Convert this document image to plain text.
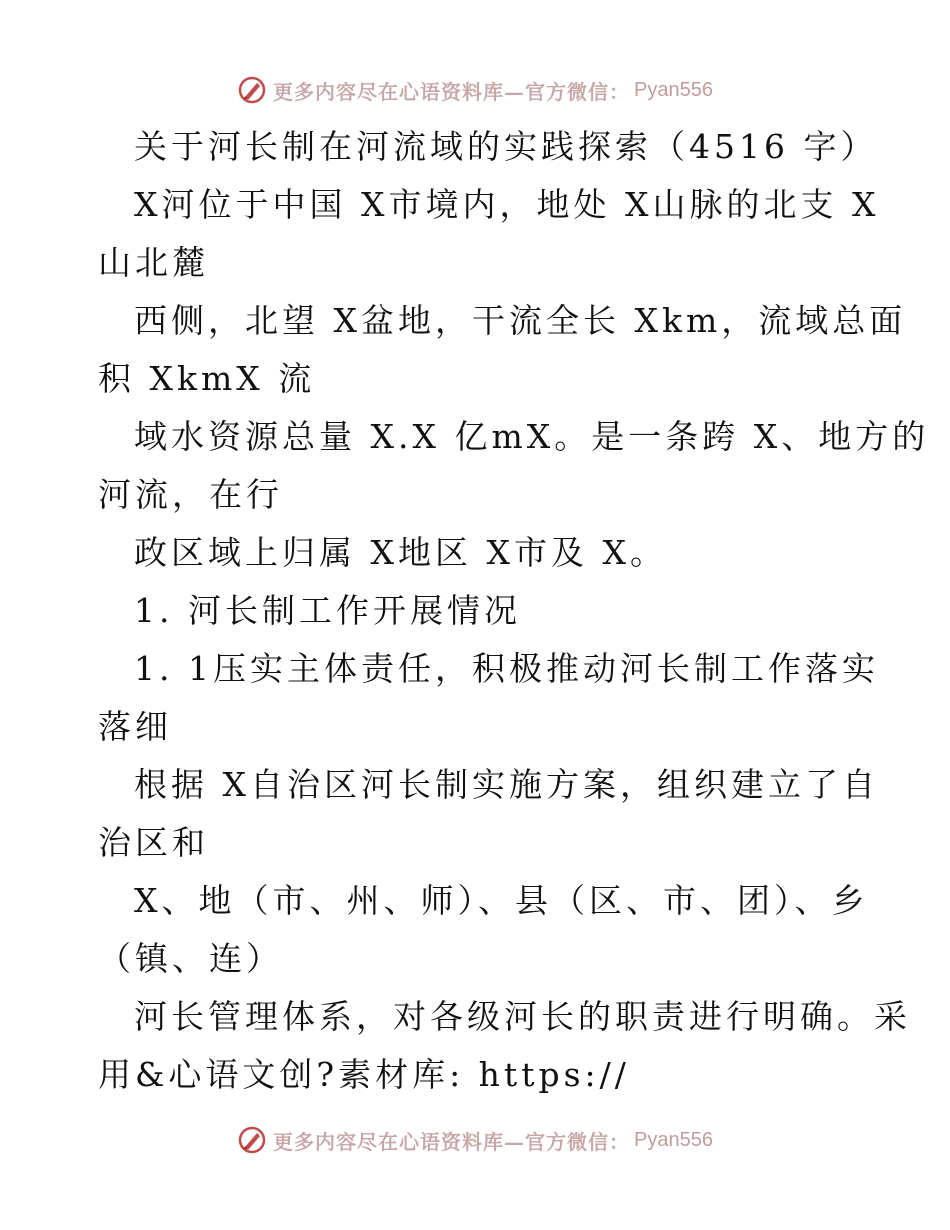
更多内容尽在心语资料库—官方微信： Pyan556
关于河长制在河流域的实践探索（4516 字）
X河位于中国 X市境内，地处 X山脉的北支 X
山北麓
西侧，北望 X盆地，干流全长 Xkm，流域总面
积 XkmX 流
域水资源总量 X.X 亿mX。是一条跨 X、地方的
河流，在行
政区域上归属 X地区 X市及 X。
1. 河长制工作开展情况
1. 1压实主体责任，积极推动河长制工作落实
落细
根据 X自治区河长制实施方案，组织建立了自
治区和
X、地（市、州、师）、县（区、市、团）、乡
（镇、连）
河长管理体系，对各级河长的职责进行明确。采
用&心语文创?素材库: https://
更多内容尽在心语资料库—官方微信： Pyan556
